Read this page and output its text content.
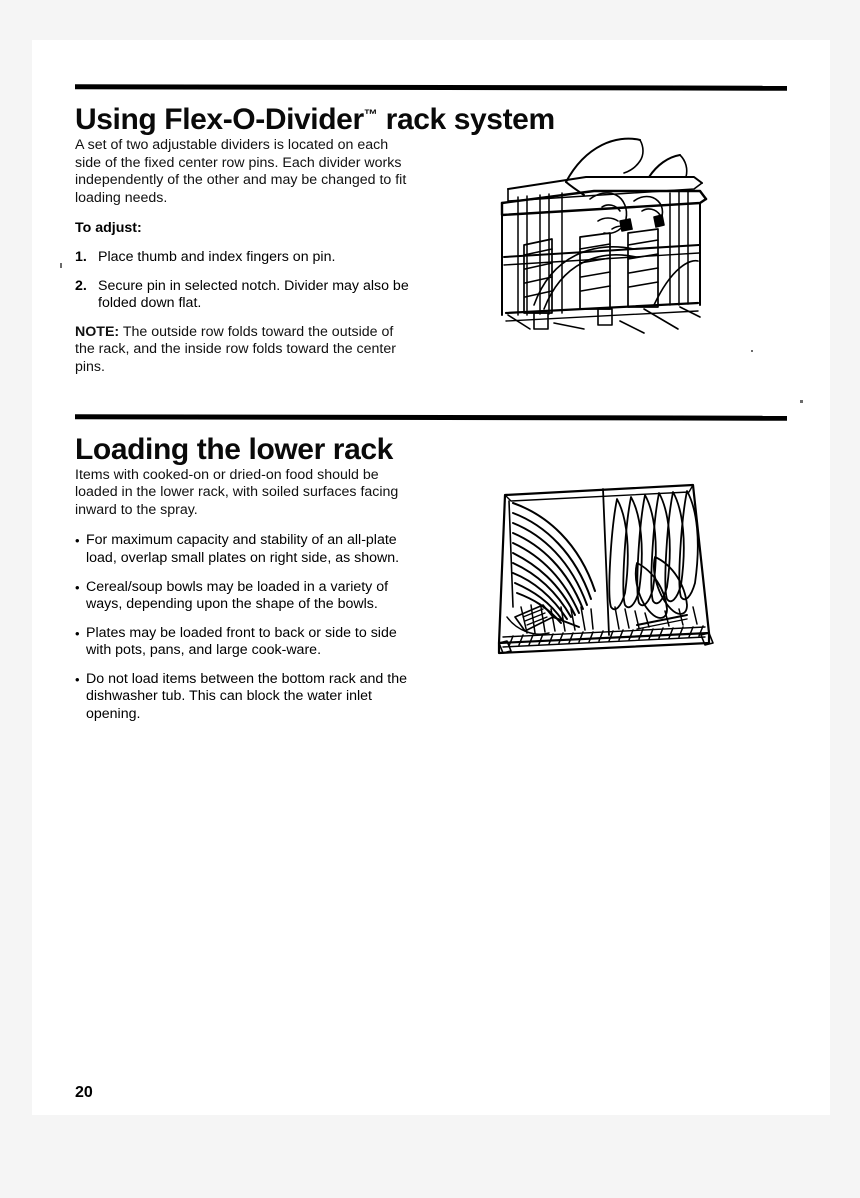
Using Flex-O-Divider™ rack system

A set of two adjustable dividers is located on each side of the fixed center row pins. Each divider works independently of the other and may be changed to fit loading needs.

To adjust:

1. Place thumb and index fingers on pin.
2. Secure pin in selected notch. Divider may also be folded down flat.

NOTE: The outside row folds toward the outside of the rack, and the inside row folds toward the center pins.

Loading the lower rack

Items with cooked-on or dried-on food should be loaded in the lower rack, with soiled surfaces facing inward to the spray.

• For maximum capacity and stability of an all-plate load, overlap small plates on right side, as shown.
• Cereal/soup bowls may be loaded in a variety of ways, depending upon the shape of the bowls.
• Plates may be loaded front to back or side to side with pots, pans, and large cook-ware.
• Do not load items between the bottom rack and the dishwasher tub. This can block the water inlet opening.
20
